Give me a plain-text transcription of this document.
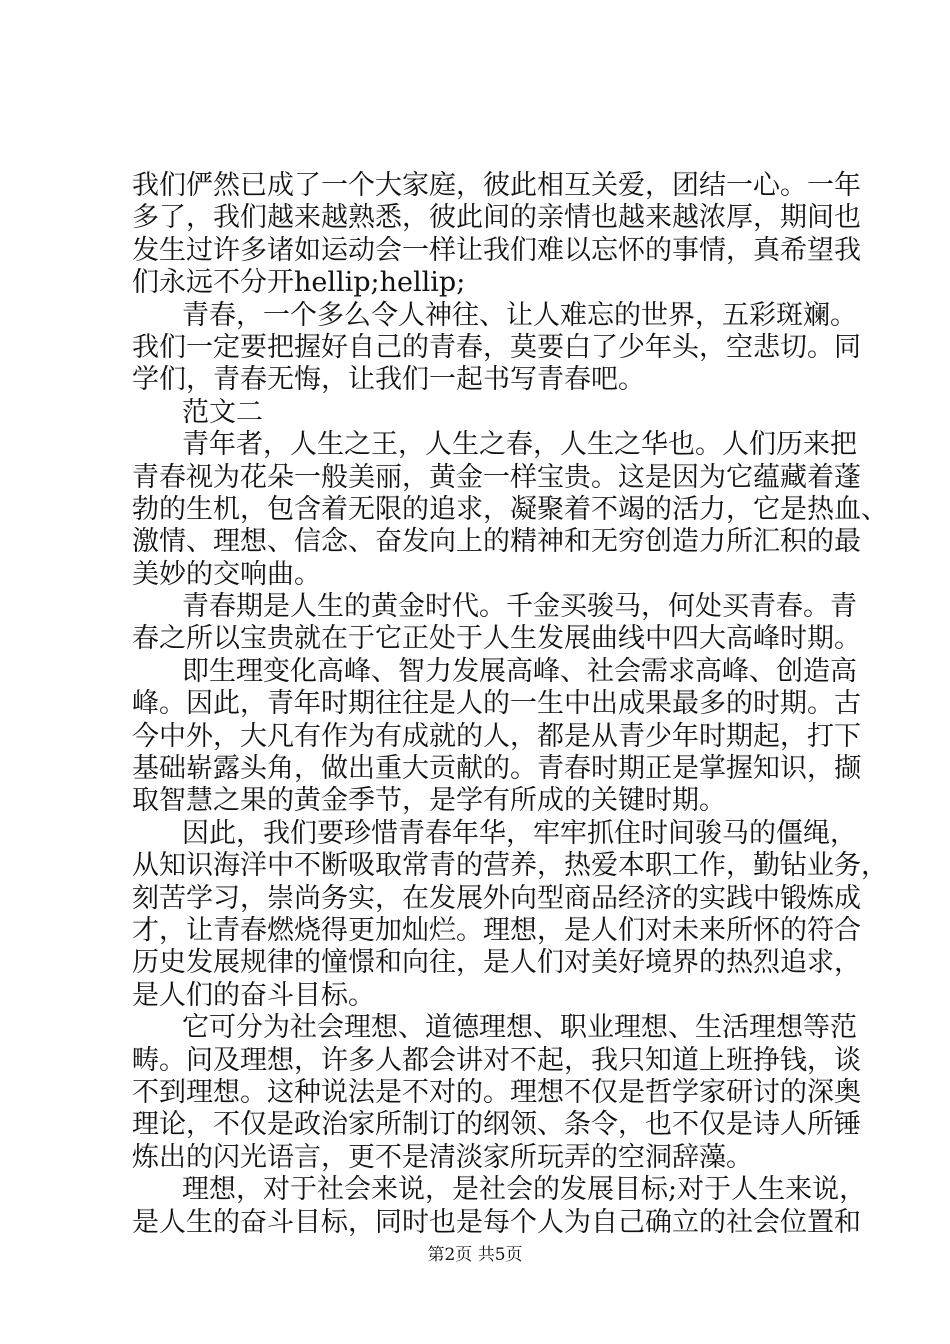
我们俨然已成了一个大家庭，彼此相互关爱，团结一心。一年
多了，我们越来越熟悉，彼此间的亲情也越来越浓厚，期间也
发生过许多诸如运动会一样让我们难以忘怀的事情，真希望我
们永远不分开hellip;hellip;
青春，一个多么令人神往、让人难忘的世界，五彩斑斓。
我们一定要把握好自己的青春，莫要白了少年头，空悲切。同
学们，青春无悔，让我们一起书写青春吧。
范文二
青年者，人生之王，人生之春，人生之华也。人们历来把
青春视为花朵一般美丽，黄金一样宝贵。这是因为它蕴藏着蓬
勃的生机，包含着无限的追求，凝聚着不竭的活力，它是热血、
激情、理想、信念、奋发向上的精神和无穷创造力所汇积的最
美妙的交响曲。
青春期是人生的黄金时代。千金买骏马，何处买青春。青
春之所以宝贵就在于它正处于人生发展曲线中四大高峰时期。
即生理变化高峰、智力发展高峰、社会需求高峰、创造高
峰。因此，青年时期往往是人的一生中出成果最多的时期。古
今中外，大凡有作为有成就的人，都是从青少年时期起，打下
基础崭露头角，做出重大贡献的。青春时期正是掌握知识，撷
取智慧之果的黄金季节，是学有所成的关键时期。
因此，我们要珍惜青春年华，牢牢抓住时间骏马的僵绳，
从知识海洋中不断吸取常青的营养，热爱本职工作，勤钻业务，
刻苦学习，崇尚务实，在发展外向型商品经济的实践中锻炼成
才，让青春燃烧得更加灿烂。理想，是人们对未来所怀的符合
历史发展规律的憧憬和向往，是人们对美好境界的热烈追求，
是人们的奋斗目标。
它可分为社会理想、道德理想、职业理想、生活理想等范
畴。问及理想，许多人都会讲对不起，我只知道上班挣钱，谈
不到理想。这种说法是不对的。理想不仅是哲学家研讨的深奥
理论，不仅是政治家所制订的纲领、条令，也不仅是诗人所锤
炼出的闪光语言，更不是清淡家所玩弄的空洞辞藻。
理想，对于社会来说，是社会的发展目标;对于人生来说，
是人生的奋斗目标，同时也是每个人为自己确立的社会位置和
第2页 共5页
